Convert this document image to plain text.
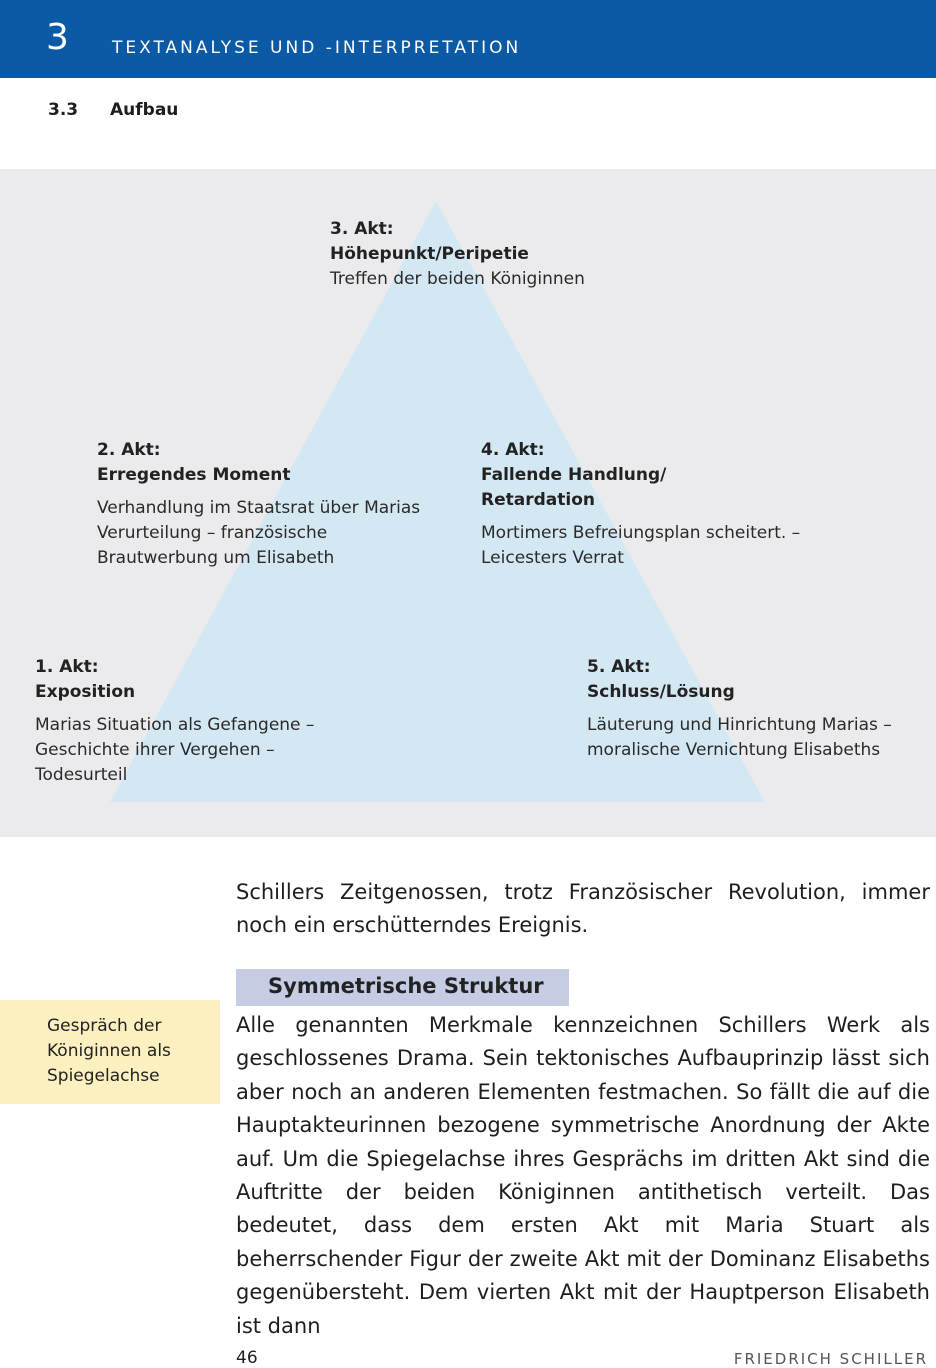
3	TEXTANALYSE UND -INTERPRETATION
3.3 Aufbau
3. Akt:
Höhepunkt/Peripetie
Treffen der beiden Königinnen
2. Akt:
Erregendes Moment
Verhandlung im Staatsrat über Marias Verurteilung – französische Brautwerbung um Elisabeth
4. Akt:
Fallende Handlung/ Retardation
Mortimers Befreiungsplan scheitert. – Leicesters Verrat
1. Akt:
Exposition
Marias Situation als Gefangene – Geschichte ihrer Vergehen – Todesurteil
5. Akt:
Schluss/Lösung
Läuterung und Hinrichtung Marias – moralische Vernichtung Elisabeths

Schillers Zeitgenossen, trotz Französischer Revolution, immer noch ein erschütterndes Ereignis.

Symmetrische Struktur
Gespräch der Königinnen als Spiegelachse

Alle genannten Merkmale kennzeichnen Schillers Werk als geschlossenes Drama. Sein tektonisches Aufbauprinzip lässt sich aber noch an anderen Elementen festmachen. So fällt die auf die Hauptakteurinnen bezogene symmetrische Anordnung der Akte auf. Um die Spiegelachse ihres Gesprächs im dritten Akt sind die Auftritte der beiden Königinnen antithetisch verteilt. Das bedeutet, dass dem ersten Akt mit Maria Stuart als beherrschender Figur der zweite Akt mit der Dominanz Elisabeths gegenübersteht. Dem vierten Akt mit der Hauptperson Elisabeth ist dann

46	FRIEDRICH SCHILLER
